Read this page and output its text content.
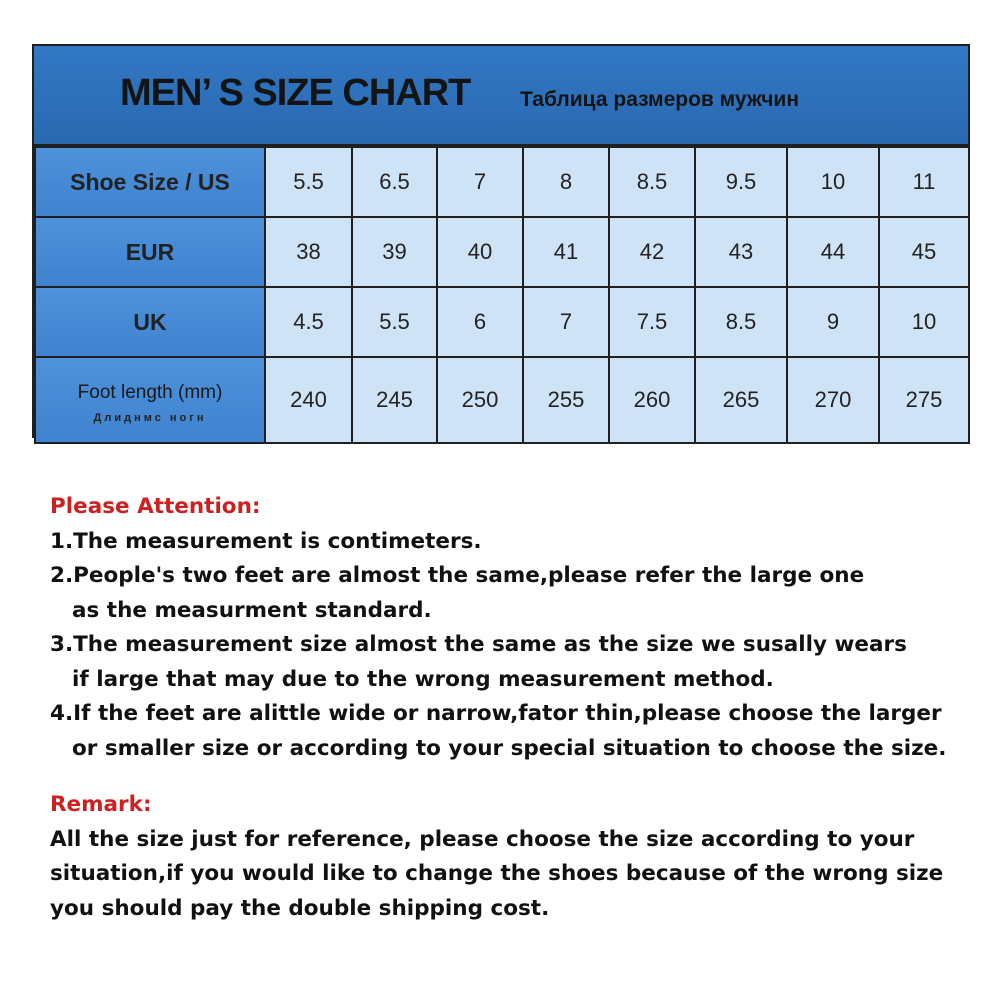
MEN’ S SIZE CHART Таблица размеров мужчин
Shoe Size / US	5.5	6.5	7	8	8.5	9.5	10	11
EUR	38	39	40	41	42	43	44	45
UK	4.5	5.5	6	7	7.5	8.5	9	10
Foot length (mm)
Длиднмс ногн	240	245	250	255	260	265	270	275
Please Attention:
1.The measurement is contimeters.
2.People's two feet are almost the same,please refer the large one
as the measurment standard.
3.The measurement size almost the same as the size we susally wears
if large that may due to the wrong measurement method.
4.If the feet are alittle wide or narrow,fator thin,please choose the larger
or smaller size or according to your special situation to choose the size.
Remark:
All the size just for reference, please choose the size according to your
situation,if you would like to change the shoes because of the wrong size
you should pay the double shipping cost.
